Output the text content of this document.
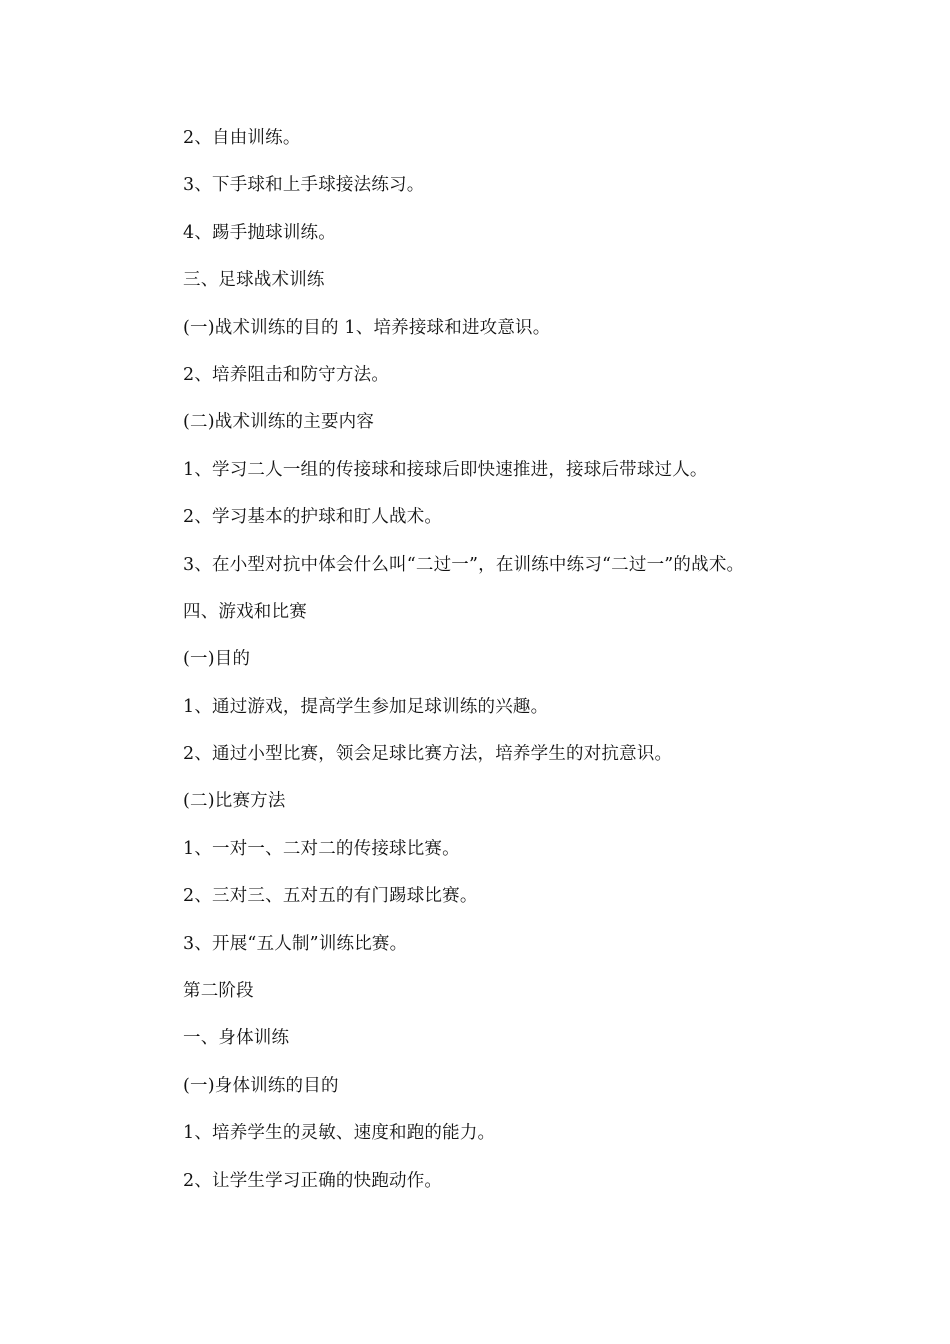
2、自由训练。
3、下手球和上手球接法练习。
4、踢手抛球训练。
三、足球战术训练
(一)战术训练的目的 1、培养接球和进攻意识。
2、培养阻击和防守方法。
(二)战术训练的主要内容
1、学习二人一组的传接球和接球后即快速推进，接球后带球过人。
2、学习基本的护球和盯人战术。
3、在小型对抗中体会什么叫“二过一”，在训练中练习“二过一”的战术。
四、游戏和比赛
(一)目的
1、通过游戏，提高学生参加足球训练的兴趣。
2、通过小型比赛，领会足球比赛方法，培养学生的对抗意识。
(二)比赛方法
1、一对一、二对二的传接球比赛。
2、三对三、五对五的有门踢球比赛。
3、开展“五人制”训练比赛。
第二阶段
一、身体训练
(一)身体训练的目的
1、培养学生的灵敏、速度和跑的能力。
2、让学生学习正确的快跑动作。
